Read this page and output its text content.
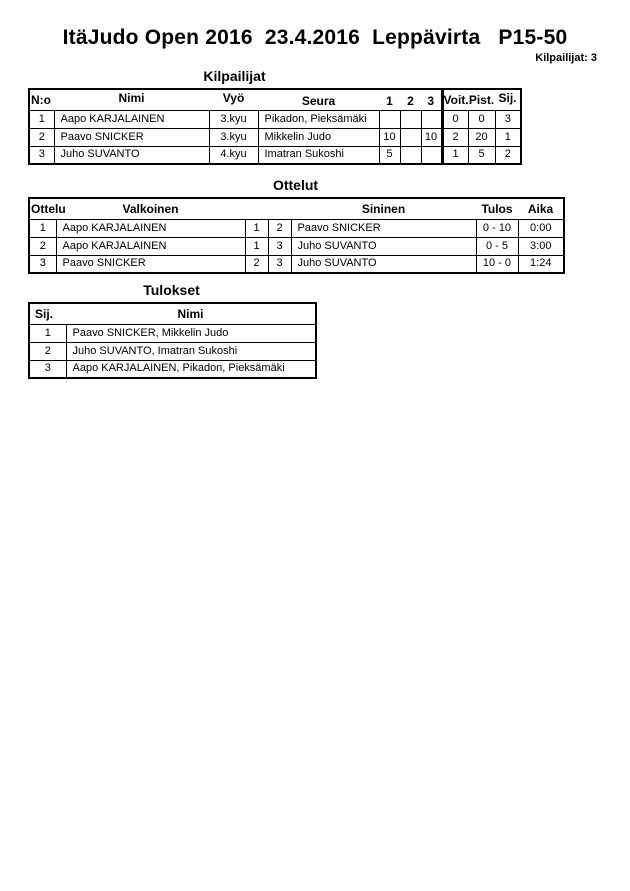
ItäJudo Open 2016  23.4.2016  Leppävirta   P15-50
Kilpailijat: 3
Kilpailijat
N:o	Nimi	Vyö	Seura	1	2	3	Voit.	Pist.	Sij.
1	Aapo KARJALAINEN	3.kyu	Pikadon, Pieksämäki				0	0	3
2	Paavo SNICKER	3.kyu	Mikkelin Judo	10		10	2	20	1
3	Juho SUVANTO	4.kyu	Imatran Sukoshi	5			1	5	2
Ottelut
Ottelu	Valkoinen			Sininen	Tulos	Aika
1	Aapo KARJALAINEN	1	2	Paavo SNICKER	0 - 10	0:00
2	Aapo KARJALAINEN	1	3	Juho SUVANTO	0 - 5	3:00
3	Paavo SNICKER	2	3	Juho SUVANTO	10 - 0	1:24
Tulokset
Sij.	Nimi
1	Paavo SNICKER, Mikkelin Judo
2	Juho SUVANTO, Imatran Sukoshi
3	Aapo KARJALAINEN, Pikadon, Pieksämäki
